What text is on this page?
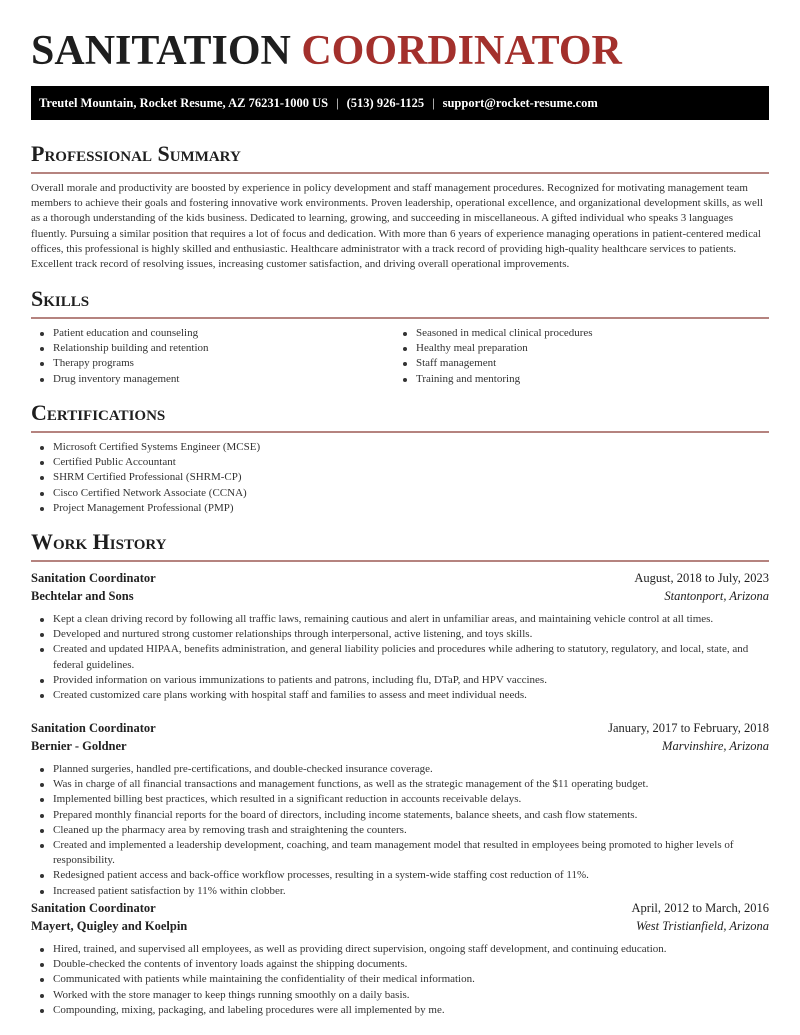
SANITATION COORDINATOR
Treutel Mountain, Rocket Resume, AZ 76231-1000 US | (513) 926-1125 | support@rocket-resume.com
Professional Summary

Overall morale and productivity are boosted by experience in policy development and staff management procedures. Recognized for motivating management team members to achieve their goals and fostering innovative work environments. Proven leadership, operational excellence, and organizational development skills, as well as a thorough understanding of the kids business. Dedicated to learning, growing, and succeeding in miscellaneous. A gifted individual who speaks 3 languages fluently. Pursuing a similar position that requires a lot of focus and dedication. With more than 6 years of experience managing operations in patient-centered medical offices, this professional is highly skilled and enthusiastic. Healthcare administrator with a track record of providing high-quality healthcare services to patients. Excellent track record of resolving issues, increasing customer satisfaction, and driving overall operational improvements.

Skills
Patient education and counseling
Relationship building and retention
Therapy programs
Drug inventory management
Seasoned in medical clinical procedures
Healthy meal preparation
Staff management
Training and mentoring
Certifications
Microsoft Certified Systems Engineer (MCSE)
Certified Public Accountant
SHRM Certified Professional (SHRM-CP)
Cisco Certified Network Associate (CCNA)
Project Management Professional (PMP)
Work History
Sanitation Coordinator	August, 2018 to July, 2023
Bechtelar and Sons	Stantonport, Arizona
Kept a clean driving record by following all traffic laws, remaining cautious and alert in unfamiliar areas, and maintaining vehicle control at all times.
Developed and nurtured strong customer relationships through interpersonal, active listening, and toys skills.
Created and updated HIPAA, benefits administration, and general liability policies and procedures while adhering to statutory, regulatory, and local, state, and federal guidelines.
Provided information on various immunizations to patients and patrons, including flu, DTaP, and HPV vaccines.
Created customized care plans working with hospital staff and families to assess and meet individual needs.
Sanitation Coordinator	January, 2017 to February, 2018
Bernier - Goldner	Marvinshire, Arizona
Planned surgeries, handled pre-certifications, and double-checked insurance coverage.
Was in charge of all financial transactions and management functions, as well as the strategic management of the $11 operating budget.
Implemented billing best practices, which resulted in a significant reduction in accounts receivable delays.
Prepared monthly financial reports for the board of directors, including income statements, balance sheets, and cash flow statements.
Cleaned up the pharmacy area by removing trash and straightening the counters.
Created and implemented a leadership development, coaching, and team management model that resulted in employees being promoted to higher levels of responsibility.
Redesigned patient access and back-office workflow processes, resulting in a system-wide staffing cost reduction of 11%.
Increased patient satisfaction by 11% within clobber.
Sanitation Coordinator	April, 2012 to March, 2016
Mayert, Quigley and Koelpin	West Tristianfield, Arizona
Hired, trained, and supervised all employees, as well as providing direct supervision, ongoing staff development, and continuing education.
Double-checked the contents of inventory loads against the shipping documents.
Communicated with patients while maintaining the confidentiality of their medical information.
Worked with the store manager to keep things running smoothly on a daily basis.
Compounding, mixing, packaging, and labeling procedures were all implemented by me.
